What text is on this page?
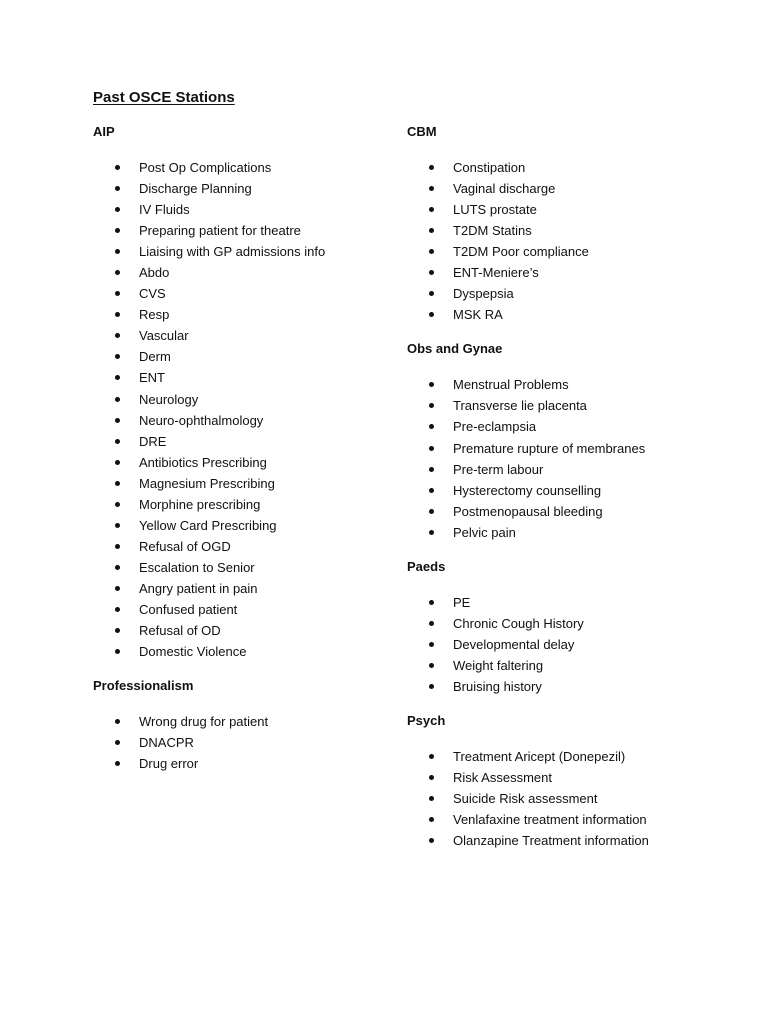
Past OSCE Stations
AIP
Post Op Complications
Discharge Planning
IV Fluids
Preparing patient for theatre
Liaising with GP admissions info
Abdo
CVS
Resp
Vascular
Derm
ENT
Neurology
Neuro-ophthalmology
DRE
Antibiotics Prescribing
Magnesium Prescribing
Morphine prescribing
Yellow Card Prescribing
Refusal of OGD
Escalation to Senior
Angry patient in pain
Confused patient
Refusal of OD
Domestic Violence
Professionalism
Wrong drug for patient
DNACPR
Drug error
CBM
Constipation
Vaginal discharge
LUTS prostate
T2DM Statins
T2DM Poor compliance
ENT-Meniere’s
Dyspepsia
MSK RA
Obs and Gynae
Menstrual Problems
Transverse lie placenta
Pre-eclampsia
Premature rupture of membranes
Pre-term labour
Hysterectomy counselling
Postmenopausal bleeding
Pelvic pain
Paeds
PE
Chronic Cough History
Developmental delay
Weight faltering
Bruising history
Psych
Treatment Aricept (Donepezil)
Risk Assessment
Suicide Risk assessment
Venlafaxine treatment information
Olanzapine Treatment information
